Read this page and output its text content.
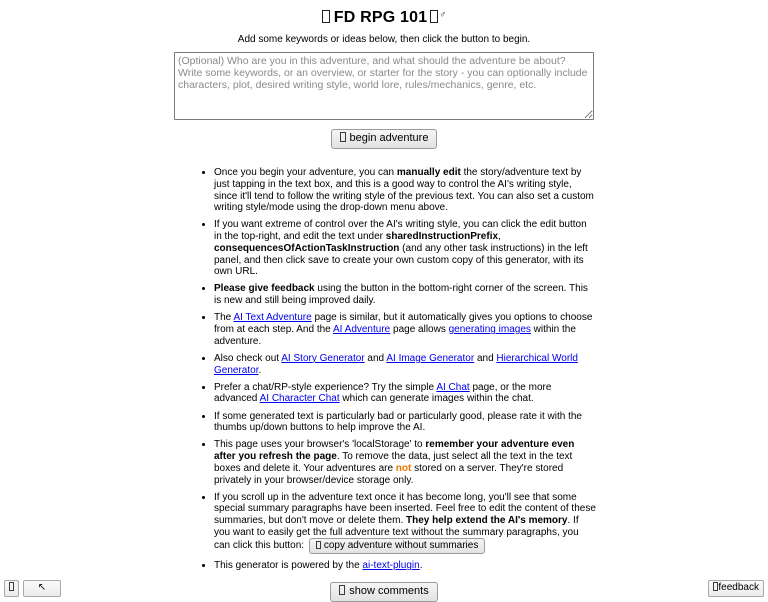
FD RPG 101 ♂

Add some keywords or ideas below, then click the button to begin.

(Optional) Who are you in this adventure, and what should the adventure be about? Write some keywords, or an overview, or starter for the story - you can optionally include characters, plot, desired writing style, world lore, rules/mechanics, genre, etc.
begin adventure
• Once you begin your adventure, you can manually edit the story/adventure text by just tapping in the text box, and this is a good way to control the AI's writing style, since it'll tend to follow the writing style of the previous text. You can also set a custom writing style/mode using the drop-down menu above.
• If you want extreme of control over the AI's writing style, you can click the edit button in the top-right, and edit the text under sharedInstructionPrefix, consequencesOfActionTaskInstruction (and any other task instructions) in the left panel, and then click save to create your own custom copy of this generator, with its own URL.
• Please give feedback using the button in the bottom-right corner of the screen. This is new and still being improved daily.
• The AI Text Adventure page is similar, but it automatically gives you options to choose from at each step. And the AI Adventure page allows generating images within the adventure.
• Also check out AI Story Generator and AI Image Generator and Hierarchical World Generator.
• Prefer a chat/RP-style experience? Try the simple AI Chat page, or the more advanced AI Character Chat which can generate images within the chat.
• If some generated text is particularly bad or particularly good, please rate it with the thumbs up/down buttons to help improve the AI.
• This page uses your browser's 'localStorage' to remember your adventure even after you refresh the page. To remove the data, just select all the text in the text boxes and delete it. Your adventures are not stored on a server. They're stored privately in your browser/device storage only.
• If you scroll up in the adventure text once it has become long, you'll see that some special summary paragraphs have been inserted. Feel free to edit the content of these summaries, but don't move or delete them. They help extend the AI's memory. If you want to easily get the full adventure text without the summary paragraphs, you can click this button: copy adventure without summaries
• This generator is powered by the ai-text-plugin.
show comments
↖	feedback
